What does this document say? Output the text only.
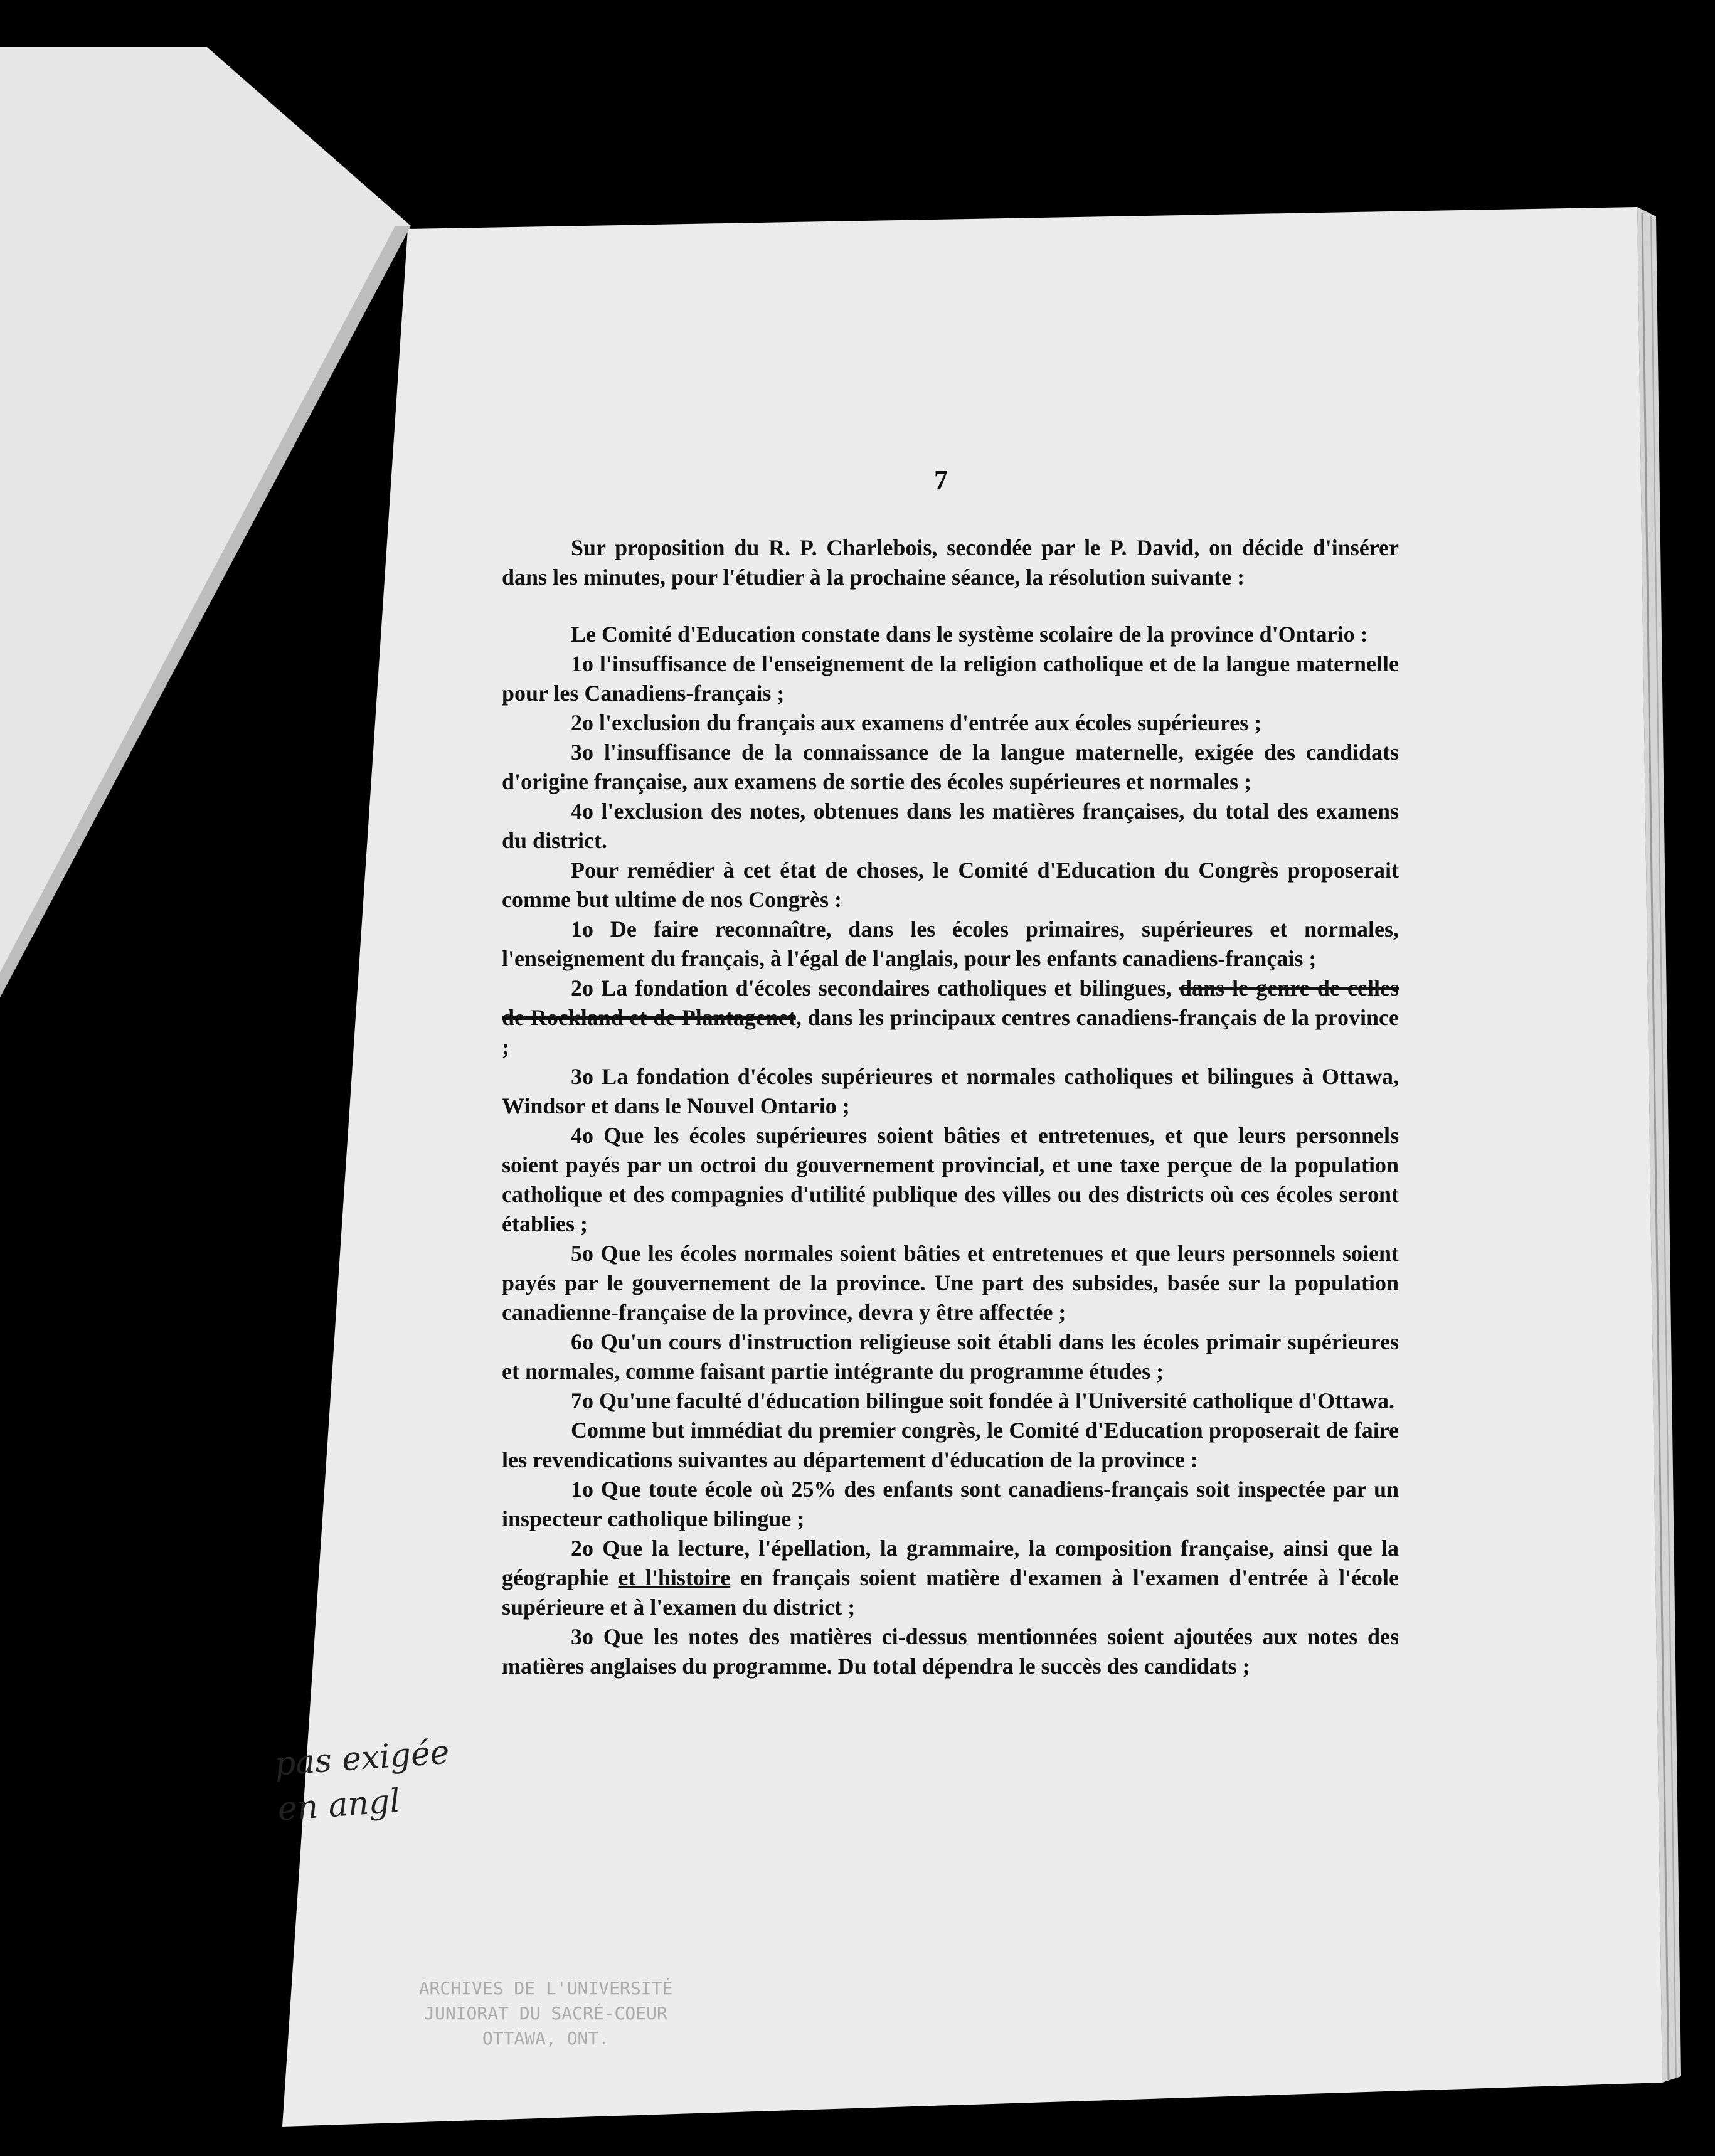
7

Sur proposition du R. P. Charlebois, secondée par le P. David, on décide d'insérer dans les minutes, pour l'étudier à la prochaine séance, la résolution suivante :

Le Comité d'Education constate dans le système scolaire de la province d'Ontario :

1o l'insuffisance de l'enseignement de la religion catholique et de la langue maternelle pour les Canadiens-français ;

2o l'exclusion du français aux examens d'entrée aux écoles supérieures ;

3o l'insuffisance de la connaissance de la langue maternelle, exigée des candidats d'origine française, aux examens de sortie des écoles supérieures et normales ;

4o l'exclusion des notes, obtenues dans les matières françaises, du total des examens du district.

Pour remédier à cet état de choses, le Comité d'Education du Congrès proposerait comme but ultime de nos Congrès :

1o De faire reconnaître, dans les écoles primaires, supérieures et normales, l'enseignement du français, à l'égal de l'anglais, pour les enfants canadiens-français ;

2o La fondation d'écoles secondaires catholiques et bilingues, dans le genre de celles de Rockland et de Plantagenet, dans les principaux centres canadiens-français de la province ;

3o La fondation d'écoles supérieures et normales catholiques et bilingues à Ottawa, Windsor et dans le Nouvel Ontario ;

4o Que les écoles supérieures soient bâties et entretenues, et que leurs personnels soient payés par un octroi du gouvernement provincial, et une taxe perçue de la population catholique et des compagnies d'utilité publique des villes ou des districts où ces écoles seront établies ;

5o Que les écoles normales soient bâties et entretenues et que leurs personnels soient payés par le gouvernement de la province. Une part des subsides, basée sur la population canadienne-française de la province, devra y être affectée ;

6o Qu'un cours d'instruction religieuse soit établi dans les écoles primair supérieures et normales, comme faisant partie intégrante du programme études ;

7o Qu'une faculté d'éducation bilingue soit fondée à l'Université catholique d'Ottawa.

Comme but immédiat du premier congrès, le Comité d'Education proposerait de faire les revendications suivantes au département d'éducation de la province :

1o Que toute école où 25% des enfants sont canadiens-français soit inspectée par un inspecteur catholique bilingue ;

2o Que la lecture, l'épellation, la grammaire, la composition française, ainsi que la géographie et l'histoire en français soient matière d'examen à l'examen d'entrée à l'école supérieure et à l'examen du district ;

3o Que les notes des matières ci-dessus mentionnées soient ajoutées aux notes des matières anglaises du programme. Du total dépendra le succès des candidats ;

pas exigée en angl
ARCHIVES DE L'UNIVERSITÉ
JUNIORAT DU SACRÉ-COEUR
OTTAWA, ONT.
